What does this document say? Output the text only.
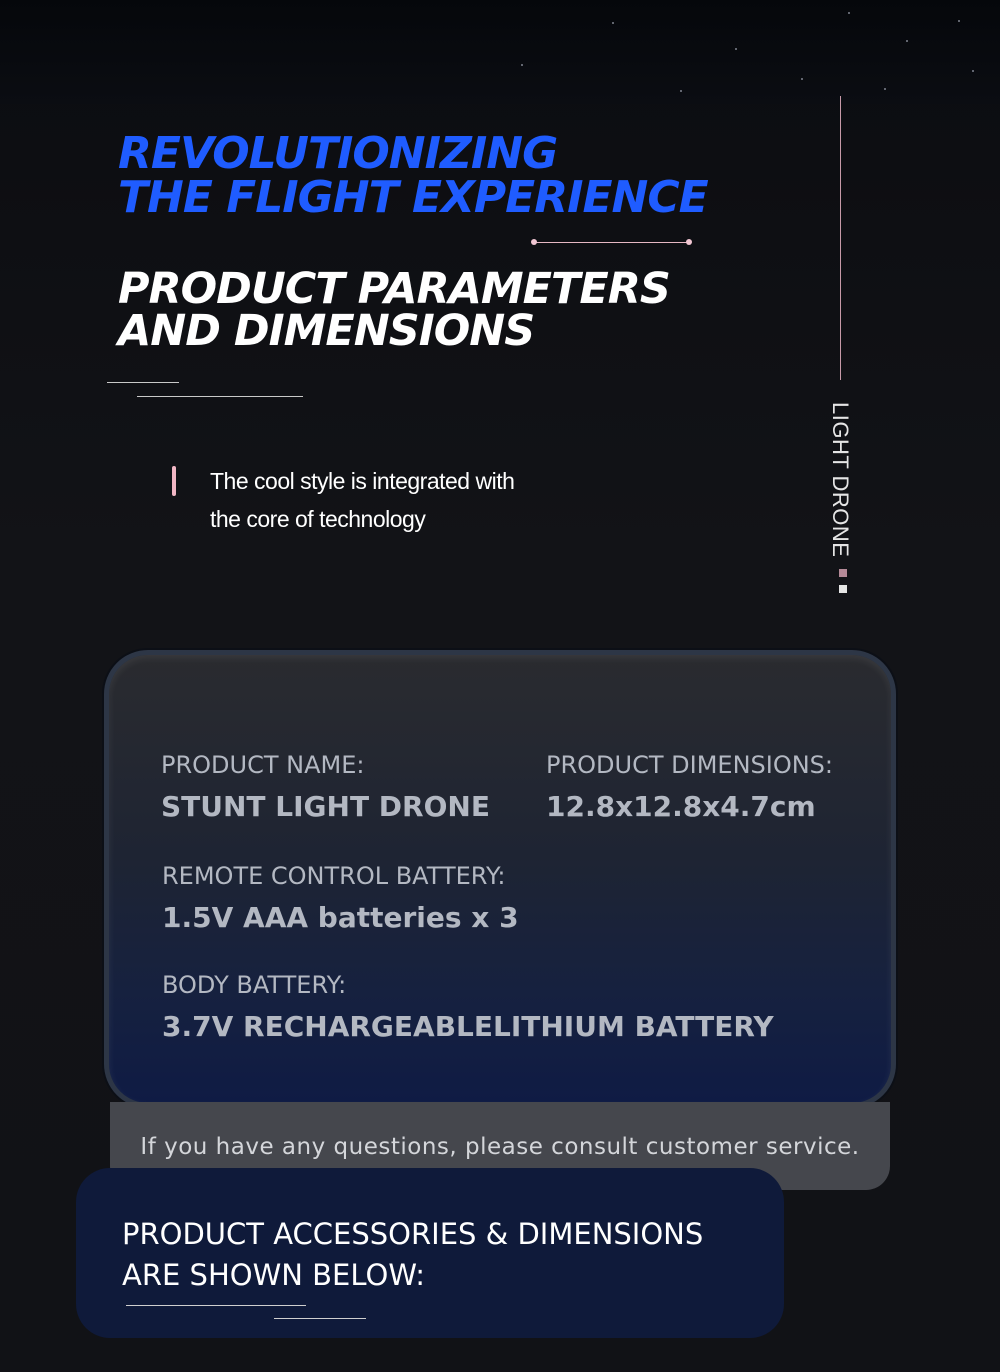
REVOLUTIONIZING
THE FLIGHT EXPERIENCE
PRODUCT PARAMETERS
AND DIMENSIONS
LIGHT DRONE

The cool style is integrated with
the core of technology

PRODUCT NAME:

STUNT LIGHT DRONE

PRODUCT DIMENSIONS:

12.8x12.8x4.7cm

REMOTE CONTROL BATTERY:

1.5V AAA batteries x 3

BODY BATTERY:

3.7V RECHARGEABLELITHIUM BATTERY

If you have any questions, please consult customer service.

PRODUCT ACCESSORIES & DIMENSIONS
ARE SHOWN BELOW:
